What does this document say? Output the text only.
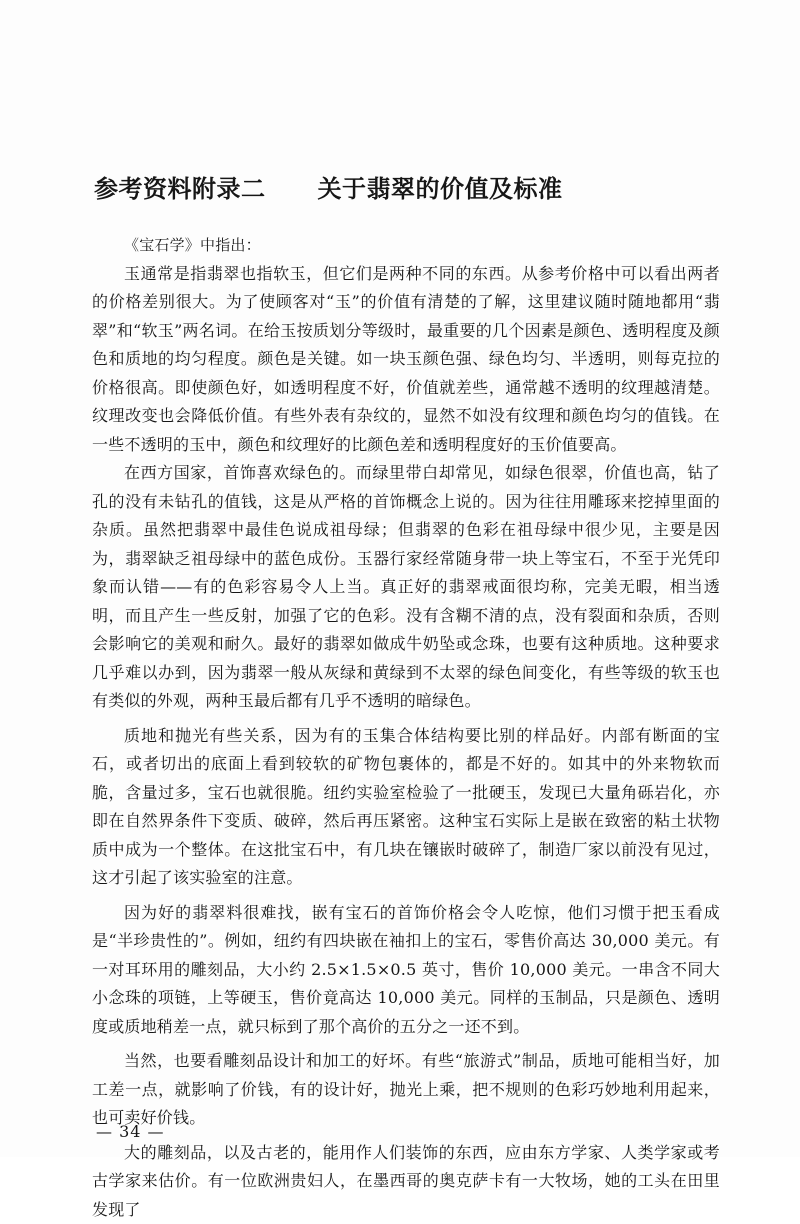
参考资料附录二 关于翡翠的价值及标准

《宝石学》中指出：

玉通常是指翡翠也指软玉，但它们是两种不同的东西。从参考价格中可以看出两者的价格差别很大。为了使顾客对“玉”的价值有清楚的了解，这里建议随时随地都用“翡翠”和“软玉”两名词。在给玉按质划分等级时，最重要的几个因素是颜色、透明程度及颜色和质地的均匀程度。颜色是关键。如一块玉颜色强、绿色均匀、半透明，则每克拉的价格很高。即使颜色好，如透明程度不好，价值就差些，通常越不透明的纹理越清楚。纹理改变也会降低价值。有些外表有杂纹的，显然不如没有纹理和颜色均匀的值钱。在一些不透明的玉中，颜色和纹理好的比颜色差和透明程度好的玉价值要高。

在西方国家，首饰喜欢绿色的。而绿里带白却常见，如绿色很翠，价值也高，钻了孔的没有未钻孔的值钱，这是从严格的首饰概念上说的。因为往往用雕琢来挖掉里面的杂质。虽然把翡翠中最佳色说成祖母绿；但翡翠的色彩在祖母绿中很少见，主要是因为，翡翠缺乏祖母绿中的蓝色成份。玉器行家经常随身带一块上等宝石，不至于光凭印象而认错——有的色彩容易令人上当。真正好的翡翠戒面很均称，完美无暇，相当透明，而且产生一些反射，加强了它的色彩。没有含糊不清的点，没有裂面和杂质，否则会影响它的美观和耐久。最好的翡翠如做成牛奶坠或念珠，也要有这种质地。这种要求几乎难以办到，因为翡翠一般从灰绿和黄绿到不太翠的绿色间变化，有些等级的软玉也有类似的外观，两种玉最后都有几乎不透明的暗绿色。

质地和抛光有些关系，因为有的玉集合体结构要比别的样品好。内部有断面的宝石，或者切出的底面上看到较软的矿物包裹体的，都是不好的。如其中的外来物软而脆，含量过多，宝石也就很脆。纽约实验室检验了一批硬玉，发现已大量角砾岩化，亦即在自然界条件下变质、破碎，然后再压紧密。这种宝石实际上是嵌在致密的粘土状物质中成为一个整体。在这批宝石中，有几块在镶嵌时破碎了，制造厂家以前没有见过，这才引起了该实验室的注意。

因为好的翡翠料很难找，嵌有宝石的首饰价格会令人吃惊，他们习惯于把玉看成是“半珍贵性的”。例如，纽约有四块嵌在袖扣上的宝石，零售价高达 30,000 美元。有一对耳环用的雕刻品，大小约 2.5×1.5×0.5 英寸，售价 10,000 美元。一串含不同大小念珠的项链，上等硬玉，售价竟高达 10,000 美元。同样的玉制品，只是颜色、透明度或质地稍差一点，就只标到了那个高价的五分之一还不到。

当然，也要看雕刻品设计和加工的好坏。有些“旅游式”制品，质地可能相当好，加工差一点，就影响了价钱，有的设计好，抛光上乘，把不规则的色彩巧妙地利用起来，也可卖好价钱。

大的雕刻品，以及古老的，能用作人们装饰的东西，应由东方学家、人类学家或考古学家来估价。有一位欧洲贵妇人，在墨西哥的奥克萨卡有一大牧场，她的工头在田里发现了

— 34 —
